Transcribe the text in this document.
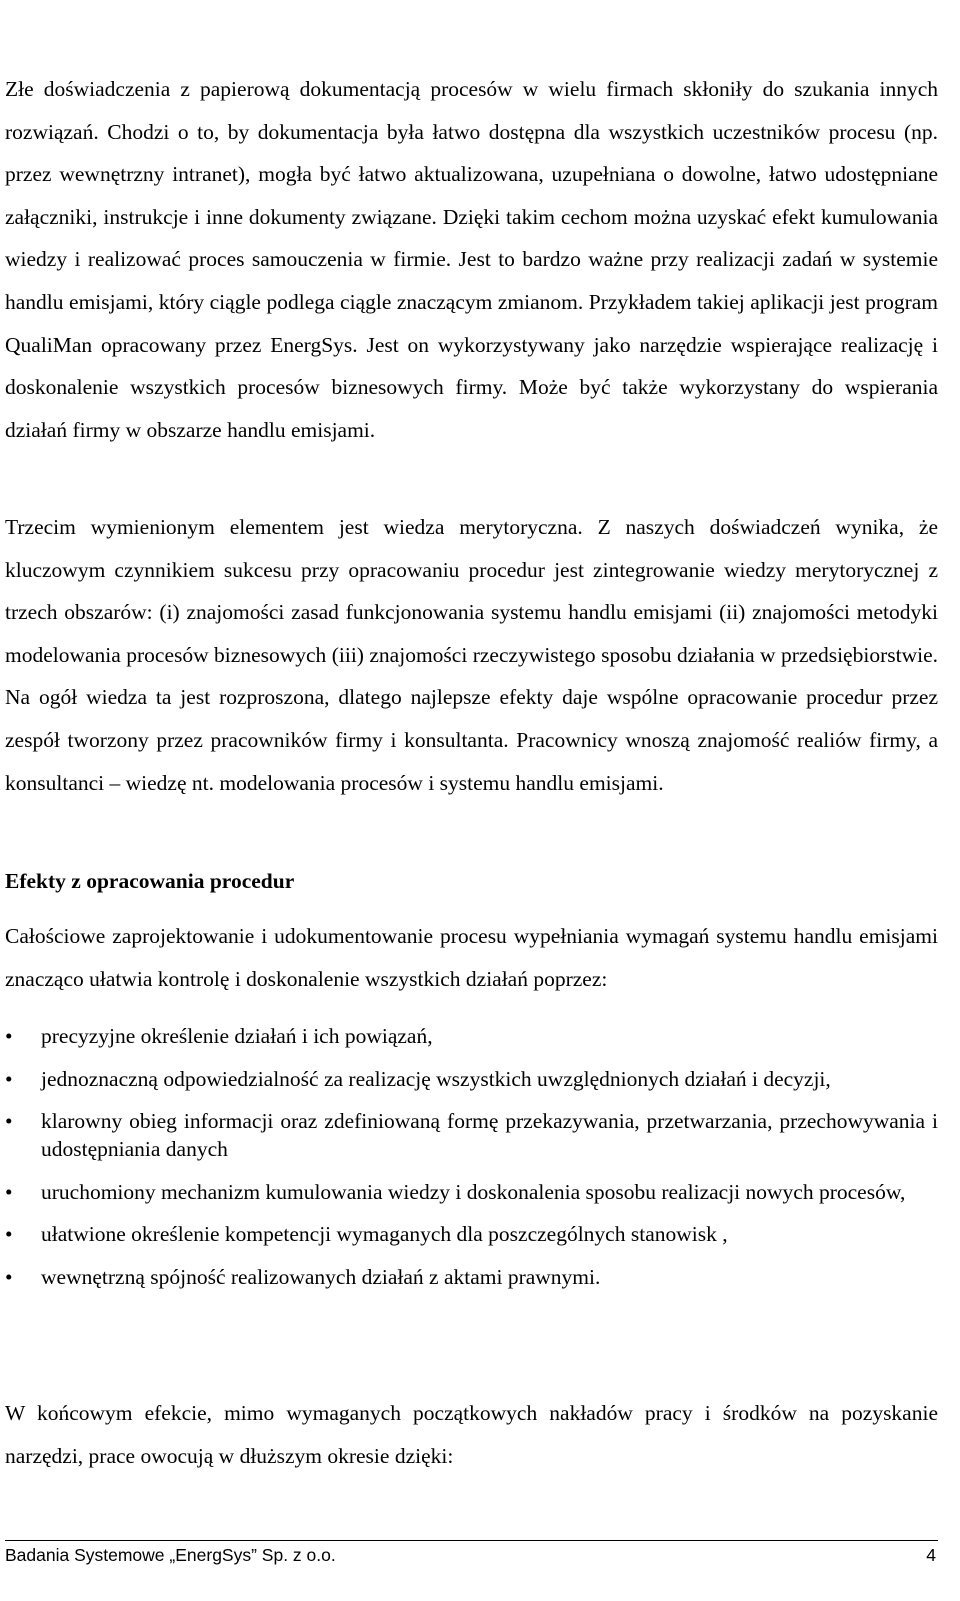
Złe doświadczenia z papierową dokumentacją procesów w wielu firmach skłoniły do szukania innych rozwiązań. Chodzi o to, by dokumentacja była łatwo dostępna dla wszystkich uczestników procesu (np. przez wewnętrzny intranet), mogła być łatwo aktualizowana, uzupełniana o dowolne, łatwo udostępniane załączniki, instrukcje i inne dokumenty związane. Dzięki takim cechom można uzyskać efekt kumulowania wiedzy i realizować proces samouczenia w firmie. Jest to bardzo ważne przy realizacji zadań w systemie handlu emisjami, który ciągle podlega ciągle znaczącym zmianom. Przykładem takiej aplikacji jest program QualiMan opracowany przez EnergSys. Jest on wykorzystywany jako narzędzie wspierające realizację i doskonalenie wszystkich procesów biznesowych firmy. Może być także wykorzystany do wspierania działań firmy w obszarze handlu emisjami.

Trzecim wymienionym elementem jest wiedza merytoryczna. Z naszych doświadczeń wynika, że kluczowym czynnikiem sukcesu przy opracowaniu procedur jest zintegrowanie wiedzy merytorycznej z trzech obszarów: (i) znajomości zasad funkcjonowania systemu handlu emisjami (ii) znajomości metodyki modelowania procesów biznesowych (iii) znajomości rzeczywistego sposobu działania w przedsiębiorstwie. Na ogół wiedza ta jest rozproszona, dlatego najlepsze efekty daje wspólne opracowanie procedur przez zespół tworzony przez pracowników firmy i konsultanta. Pracownicy wnoszą znajomość realiów firmy, a konsultanci – wiedzę nt. modelowania procesów i systemu handlu emisjami.

Efekty z opracowania procedur

Całościowe zaprojektowanie i udokumentowanie procesu wypełniania wymagań systemu handlu emisjami znacząco ułatwia kontrolę i doskonalenie wszystkich działań poprzez:

•	precyzyjne określenie działań i ich powiązań,
•	jednoznaczną odpowiedzialność za realizację wszystkich uwzględnionych działań i decyzji,
•	klarowny obieg informacji oraz zdefiniowaną formę przekazywania, przetwarzania, przechowywania i udostępniania danych
•	uruchomiony mechanizm kumulowania wiedzy i doskonalenia sposobu realizacji nowych procesów,
•	ułatwione określenie kompetencji wymaganych dla poszczególnych stanowisk ,
•	wewnętrzną spójność realizowanych działań z aktami prawnymi.

W końcowym efekcie, mimo wymaganych początkowych nakładów pracy i środków na pozyskanie narzędzi, prace owocują w dłuższym okresie dzięki:

Badania Systemowe „EnergSys” Sp. z o.o.	4
